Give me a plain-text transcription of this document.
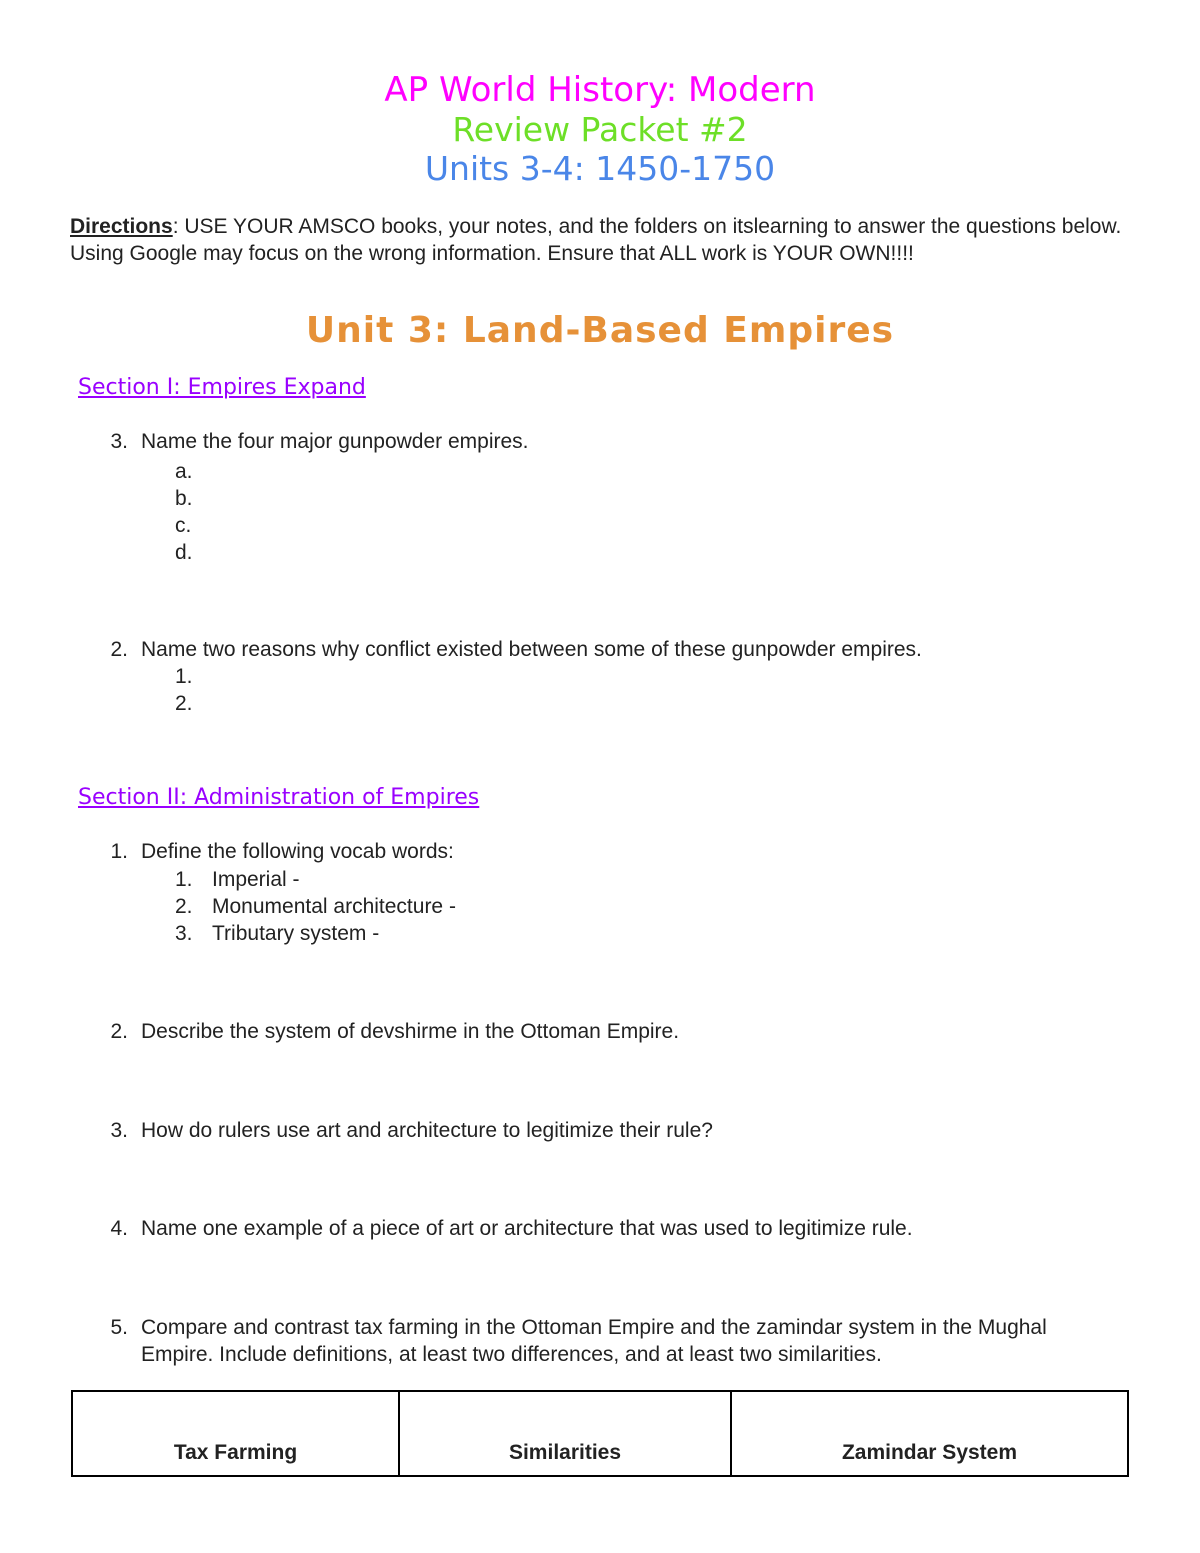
AP World History: Modern
Review Packet #2
Units 3-4: 1450-1750
Directions: USE YOUR AMSCO books, your notes, and the folders on itslearning to answer the questions below. Using Google may focus on the wrong information. Ensure that ALL work is YOUR OWN!!!!
Unit 3: Land-Based Empires
Section I: Empires Expand
3. Name the four major gunpowder empires.
a.
b.
c.
d.
2. Name two reasons why conflict existed between some of these gunpowder empires.
1.
2.
Section II: Administration of Empires
1. Define the following vocab words:
1. Imperial -
2. Monumental architecture -
3. Tributary system -
2. Describe the system of devshirme in the Ottoman Empire.
3. How do rulers use art and architecture to legitimize their rule?
4. Name one example of a piece of art or architecture that was used to legitimize rule.
5. Compare and contrast tax farming in the Ottoman Empire and the zamindar system in the Mughal Empire. Include definitions, at least two differences, and at least two similarities.
Tax Farming	Similarities	Zamindar System
